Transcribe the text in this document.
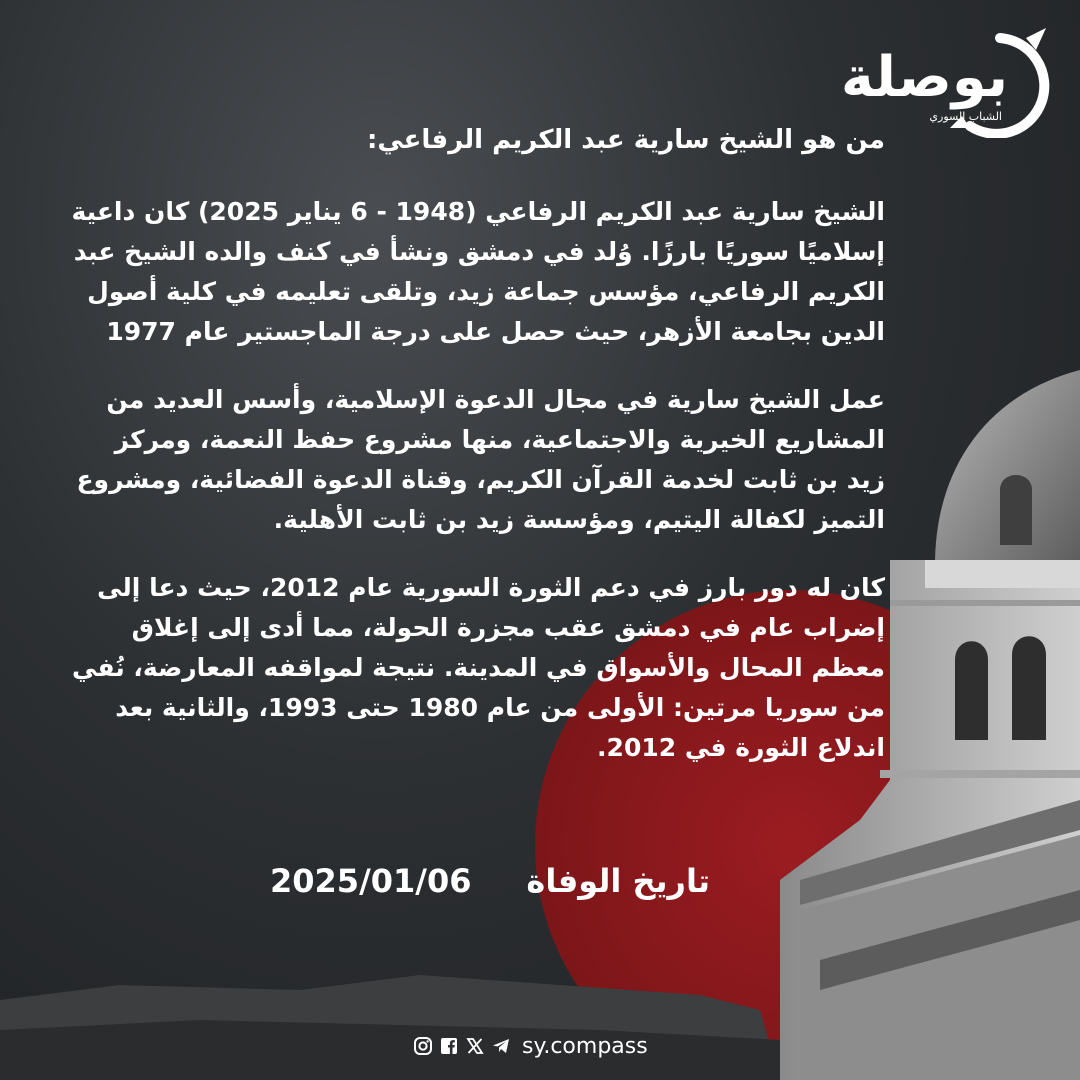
بوصلة
الشباب السوري
من هو الشيخ سارية عبد الكريم الرفاعي:
الشيخ سارية عبد الكريم الرفاعي (1948 - 6 يناير 2025) كان داعية إسلاميًا سوريًا بارزًا. وُلد في دمشق ونشأ في كنف والده الشيخ عبد الكريم الرفاعي، مؤسس جماعة زيد، وتلقى تعليمه في كلية أصول الدين بجامعة الأزهر، حيث حصل على درجة الماجستير عام 1977
عمل الشيخ سارية في مجال الدعوة الإسلامية، وأسس العديد من المشاريع الخيرية والاجتماعية، منها مشروع حفظ النعمة، ومركز زيد بن ثابت لخدمة القرآن الكريم، وقناة الدعوة الفضائية، ومشروع التميز لكفالة اليتيم، ومؤسسة زيد بن ثابت الأهلية.
كان له دور بارز في دعم الثورة السورية عام 2012، حيث دعا إلى إضراب عام في دمشق عقب مجزرة الحولة، مما أدى إلى إغلاق معظم المحال والأسواق في المدينة. نتيجة لمواقفه المعارضة، نُفي من سوريا مرتين: الأولى من عام 1980 حتى 1993، والثانية بعد اندلاع الثورة في 2012.
تاريخ الوفاة
2025/01/06
sy.compass
